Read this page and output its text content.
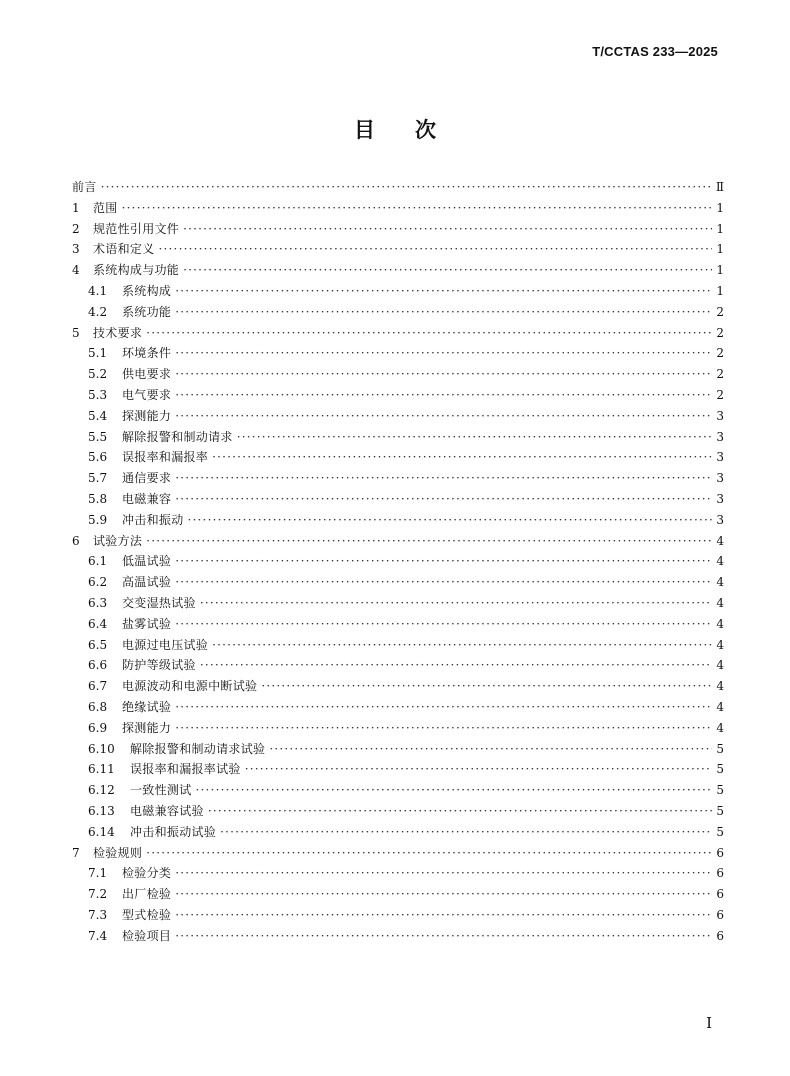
T/CCTAS 233—2025
目 次
前言 ·····	Ⅱ
1	范围 ·····	1
2	规范性引用文件 ·····	1
3	术语和定义 ·····	1
4	系统构成与功能 ·····	1
4.1	系统构成 ·····	1
4.2	系统功能 ·····	2
5	技术要求 ·····	2
5.1	环境条件 ·····	2
5.2	供电要求 ·····	2
5.3	电气要求 ·····	2
5.4	探测能力 ·····	3
5.5	解除报警和制动请求 ·····	3
5.6	误报率和漏报率 ·····	3
5.7	通信要求 ·····	3
5.8	电磁兼容 ·····	3
5.9	冲击和振动 ·····	3
6	试验方法 ·····	4
6.1	低温试验 ·····	4
6.2	高温试验 ·····	4
6.3	交变湿热试验 ·····	4
6.4	盐雾试验 ·····	4
6.5	电源过电压试验 ·····	4
6.6	防护等级试验 ·····	4
6.7	电源波动和电源中断试验 ·····	4
6.8	绝缘试验 ·····	4
6.9	探测能力 ·····	4
6.10	解除报警和制动请求试验 ·····	5
6.11	误报率和漏报率试验 ·····	5
6.12	一致性测试 ·····	5
6.13	电磁兼容试验 ·····	5
6.14	冲击和振动试验 ·····	5
7	检验规则 ·····	6
7.1	检验分类 ·····	6
7.2	出厂检验 ·····	6
7.3	型式检验 ·····	6
7.4	检验项目 ·····	6
I
